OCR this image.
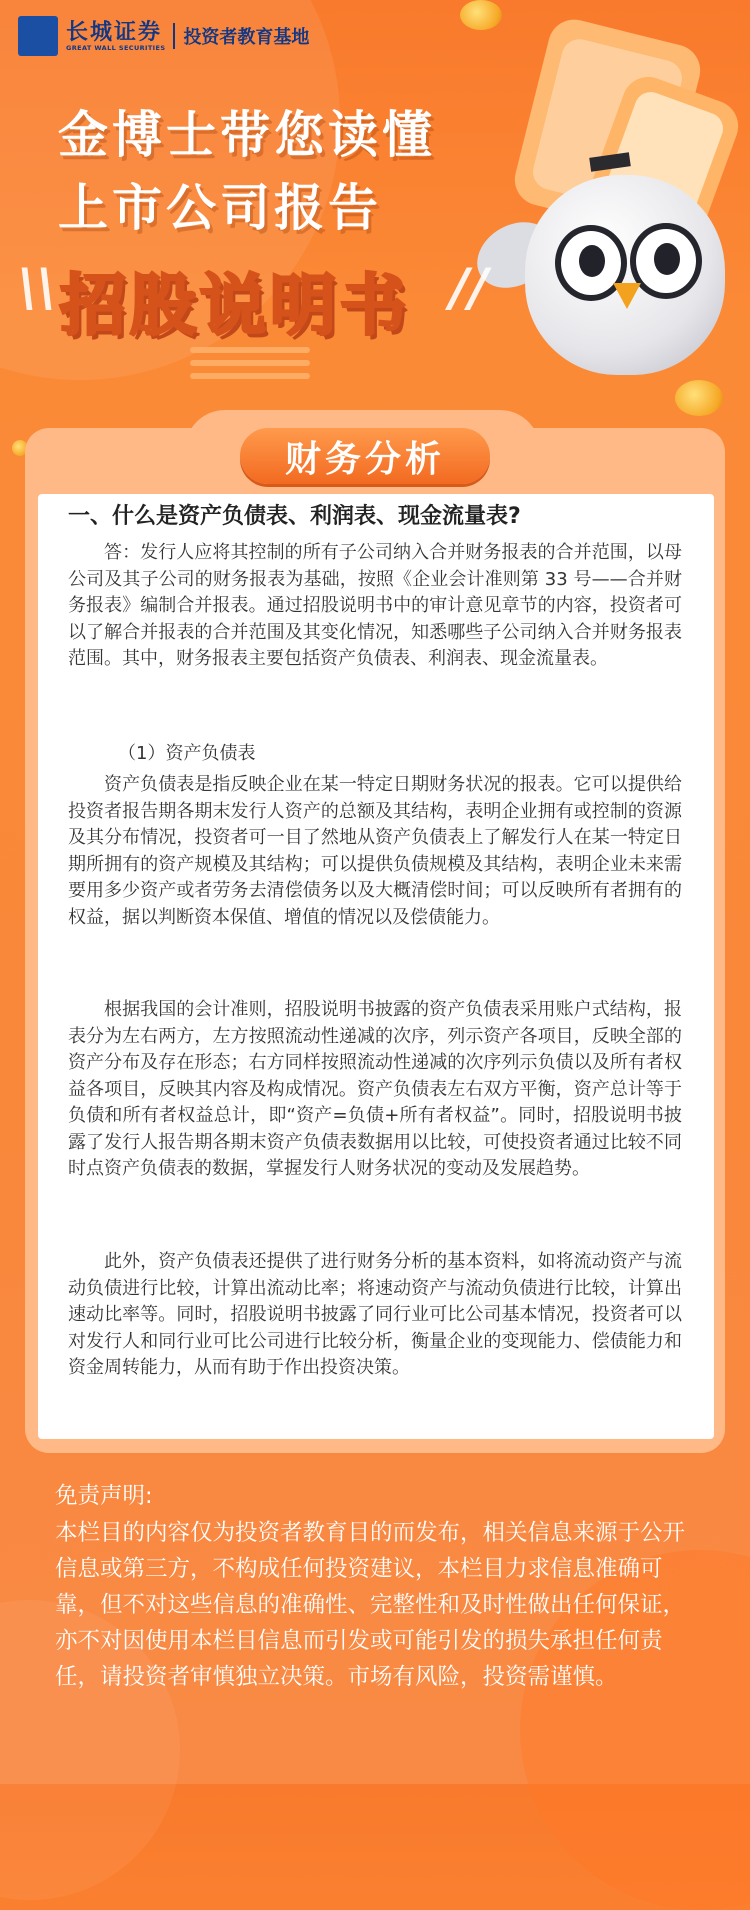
长城证券
GREAT WALL SECURITIES 投资者教育基地
金博士带您读懂
上市公司报告
\\ 招股说明书 //
财务分析
一、什么是资产负债表、利润表、现金流量表?
答：发行人应将其控制的所有子公司纳入合并财务报表的合并范围，以母公司及其子公司的财务报表为基础，按照《企业会计准则第 33 号——合并财务报表》编制合并报表。通过招股说明书中的审计意见章节的内容，投资者可以了解合并报表的合并范围及其变化情况，知悉哪些子公司纳入合并财务报表范围。其中，财务报表主要包括资产负债表、利润表、现金流量表。
（1）资产负债表
资产负债表是指反映企业在某一特定日期财务状况的报表。它可以提供给投资者报告期各期末发行人资产的总额及其结构，表明企业拥有或控制的资源及其分布情况，投资者可一目了然地从资产负债表上了解发行人在某一特定日期所拥有的资产规模及其结构；可以提供负债规模及其结构，表明企业未来需要用多少资产或者劳务去清偿债务以及大概清偿时间；可以反映所有者拥有的权益，据以判断资本保值、增值的情况以及偿债能力。
根据我国的会计准则，招股说明书披露的资产负债表采用账户式结构，报表分为左右两方，左方按照流动性递减的次序，列示资产各项目，反映全部的资产分布及存在形态；右方同样按照流动性递减的次序列示负债以及所有者权益各项目，反映其内容及构成情况。资产负债表左右双方平衡，资产总计等于负债和所有者权益总计，即“资产=负债+所有者权益”。同时，招股说明书披露了发行人报告期各期末资产负债表数据用以比较，可使投资者通过比较不同时点资产负债表的数据，掌握发行人财务状况的变动及发展趋势。
此外，资产负债表还提供了进行财务分析的基本资料，如将流动资产与流动负债进行比较，计算出流动比率；将速动资产与流动负债进行比较，计算出速动比率等。同时，招股说明书披露了同行业可比公司基本情况，投资者可以对发行人和同行业可比公司进行比较分析，衡量企业的变现能力、偿债能力和资金周转能力，从而有助于作出投资决策。
免责声明:
本栏目的内容仅为投资者教育目的而发布，相关信息来源于公开信息或第三方，不构成任何投资建议，本栏目力求信息准确可靠，但不对这些信息的准确性、完整性和及时性做出任何保证，亦不对因使用本栏目信息而引发或可能引发的损失承担任何责任，请投资者审慎独立决策。市场有风险，投资需谨慎。
